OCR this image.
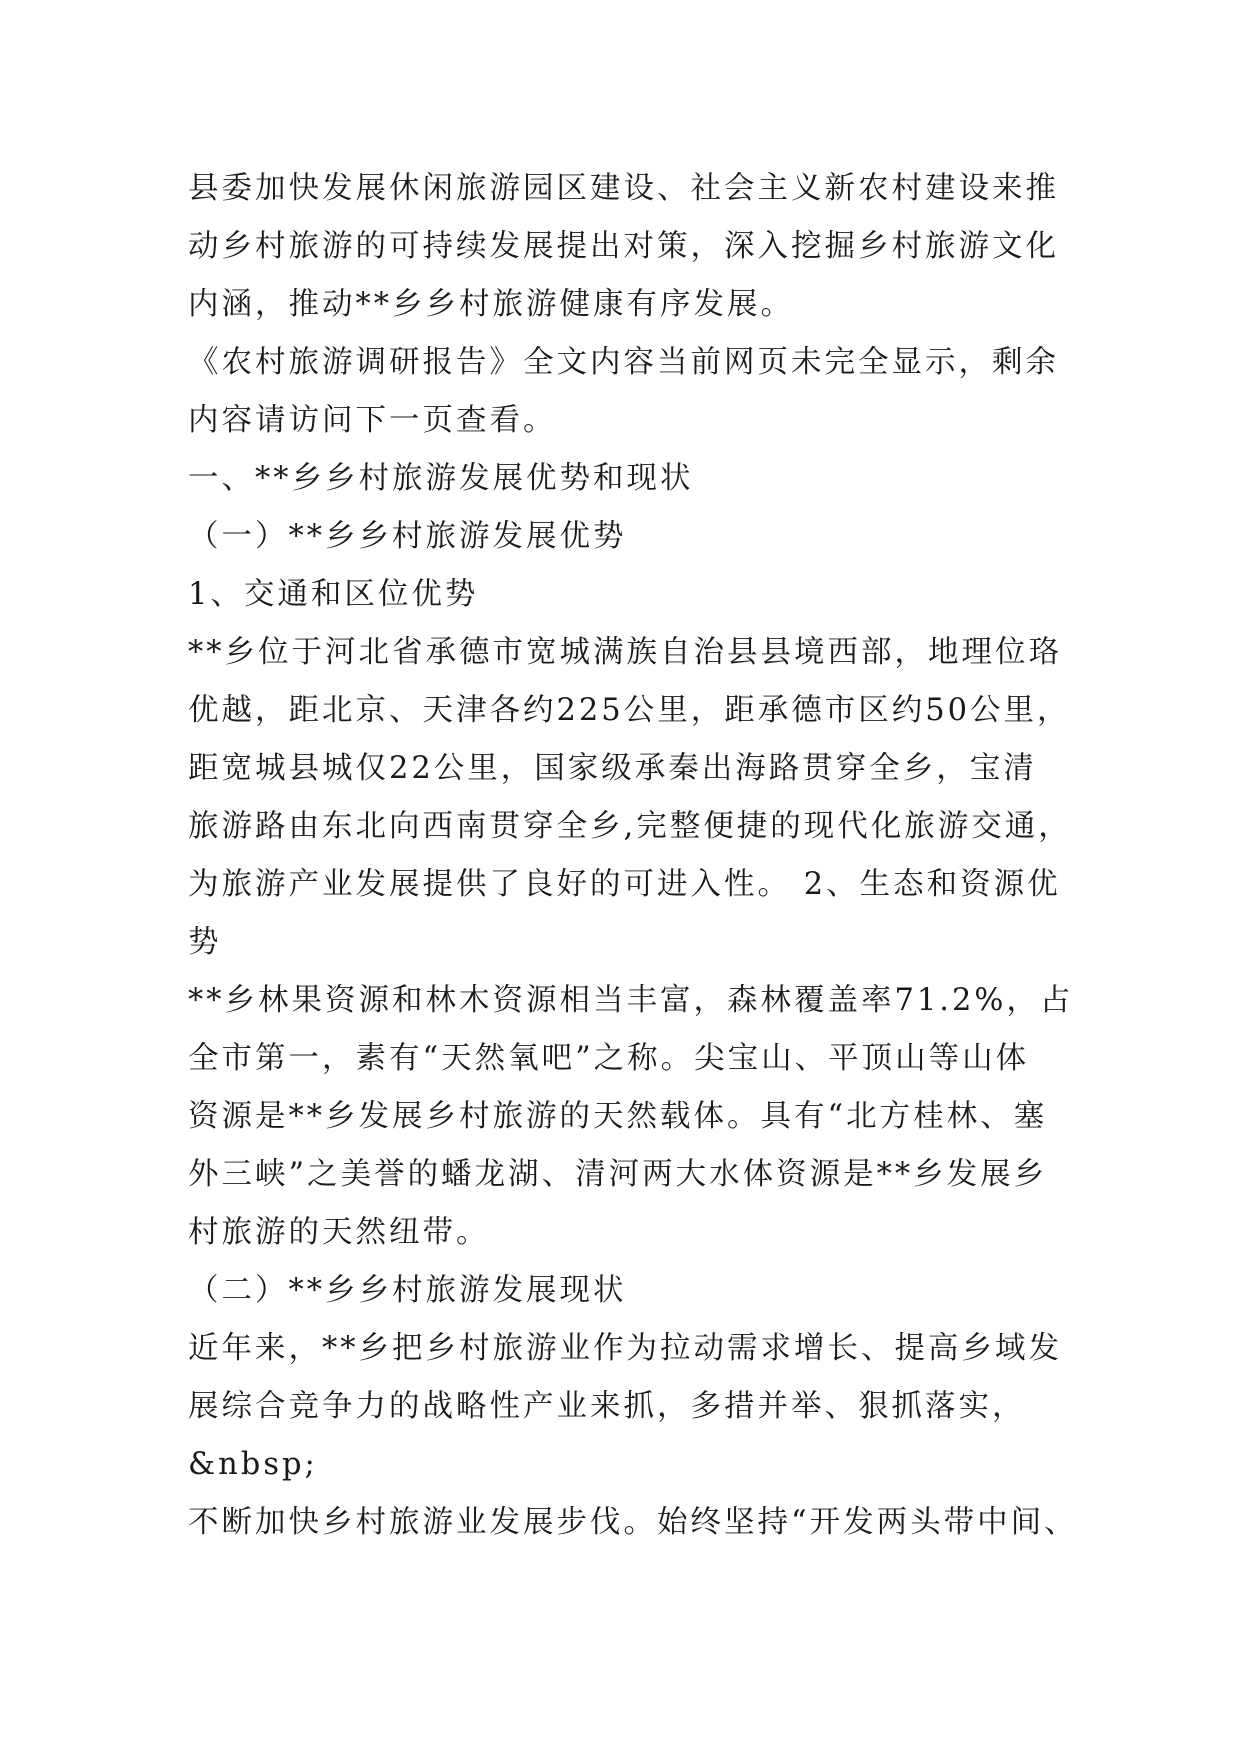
县委加快发展休闲旅游园区建设、社会主义新农村建设来推
动乡村旅游的可持续发展提出对策，深入挖掘乡村旅游文化
内涵，推动**乡乡村旅游健康有序发展。
《农村旅游调研报告》全文内容当前网页未完全显示，剩余
内容请访问下一页查看。
一、**乡乡村旅游发展优势和现状
（一）**乡乡村旅游发展优势
1、交通和区位优势
**乡位于河北省承德市宽城满族自治县县境西部，地理位珞
优越，距北京、天津各约225公里，距承德市区约50公里，
距宽城县城仅22公里，国家级承秦出海路贯穿全乡，宝清
旅游路由东北向西南贯穿全乡,完整便捷的现代化旅游交通，
为旅游产业发展提供了良好的可进入性。 2、生态和资源优
势
**乡林果资源和林木资源相当丰富，森林覆盖率71.2%，占
全市第一，素有“天然氧吧”之称。尖宝山、平顶山等山体
资源是**乡发展乡村旅游的天然载体。具有“北方桂林、塞
外三峡”之美誉的蟠龙湖、清河两大水体资源是**乡发展乡
村旅游的天然纽带。
（二）**乡乡村旅游发展现状
近年来，**乡把乡村旅游业作为拉动需求增长、提高乡域发
展综合竞争力的战略性产业来抓，多措并举、狠抓落实，
&nbsp;
不断加快乡村旅游业发展步伐。始终坚持“开发两头带中间、
